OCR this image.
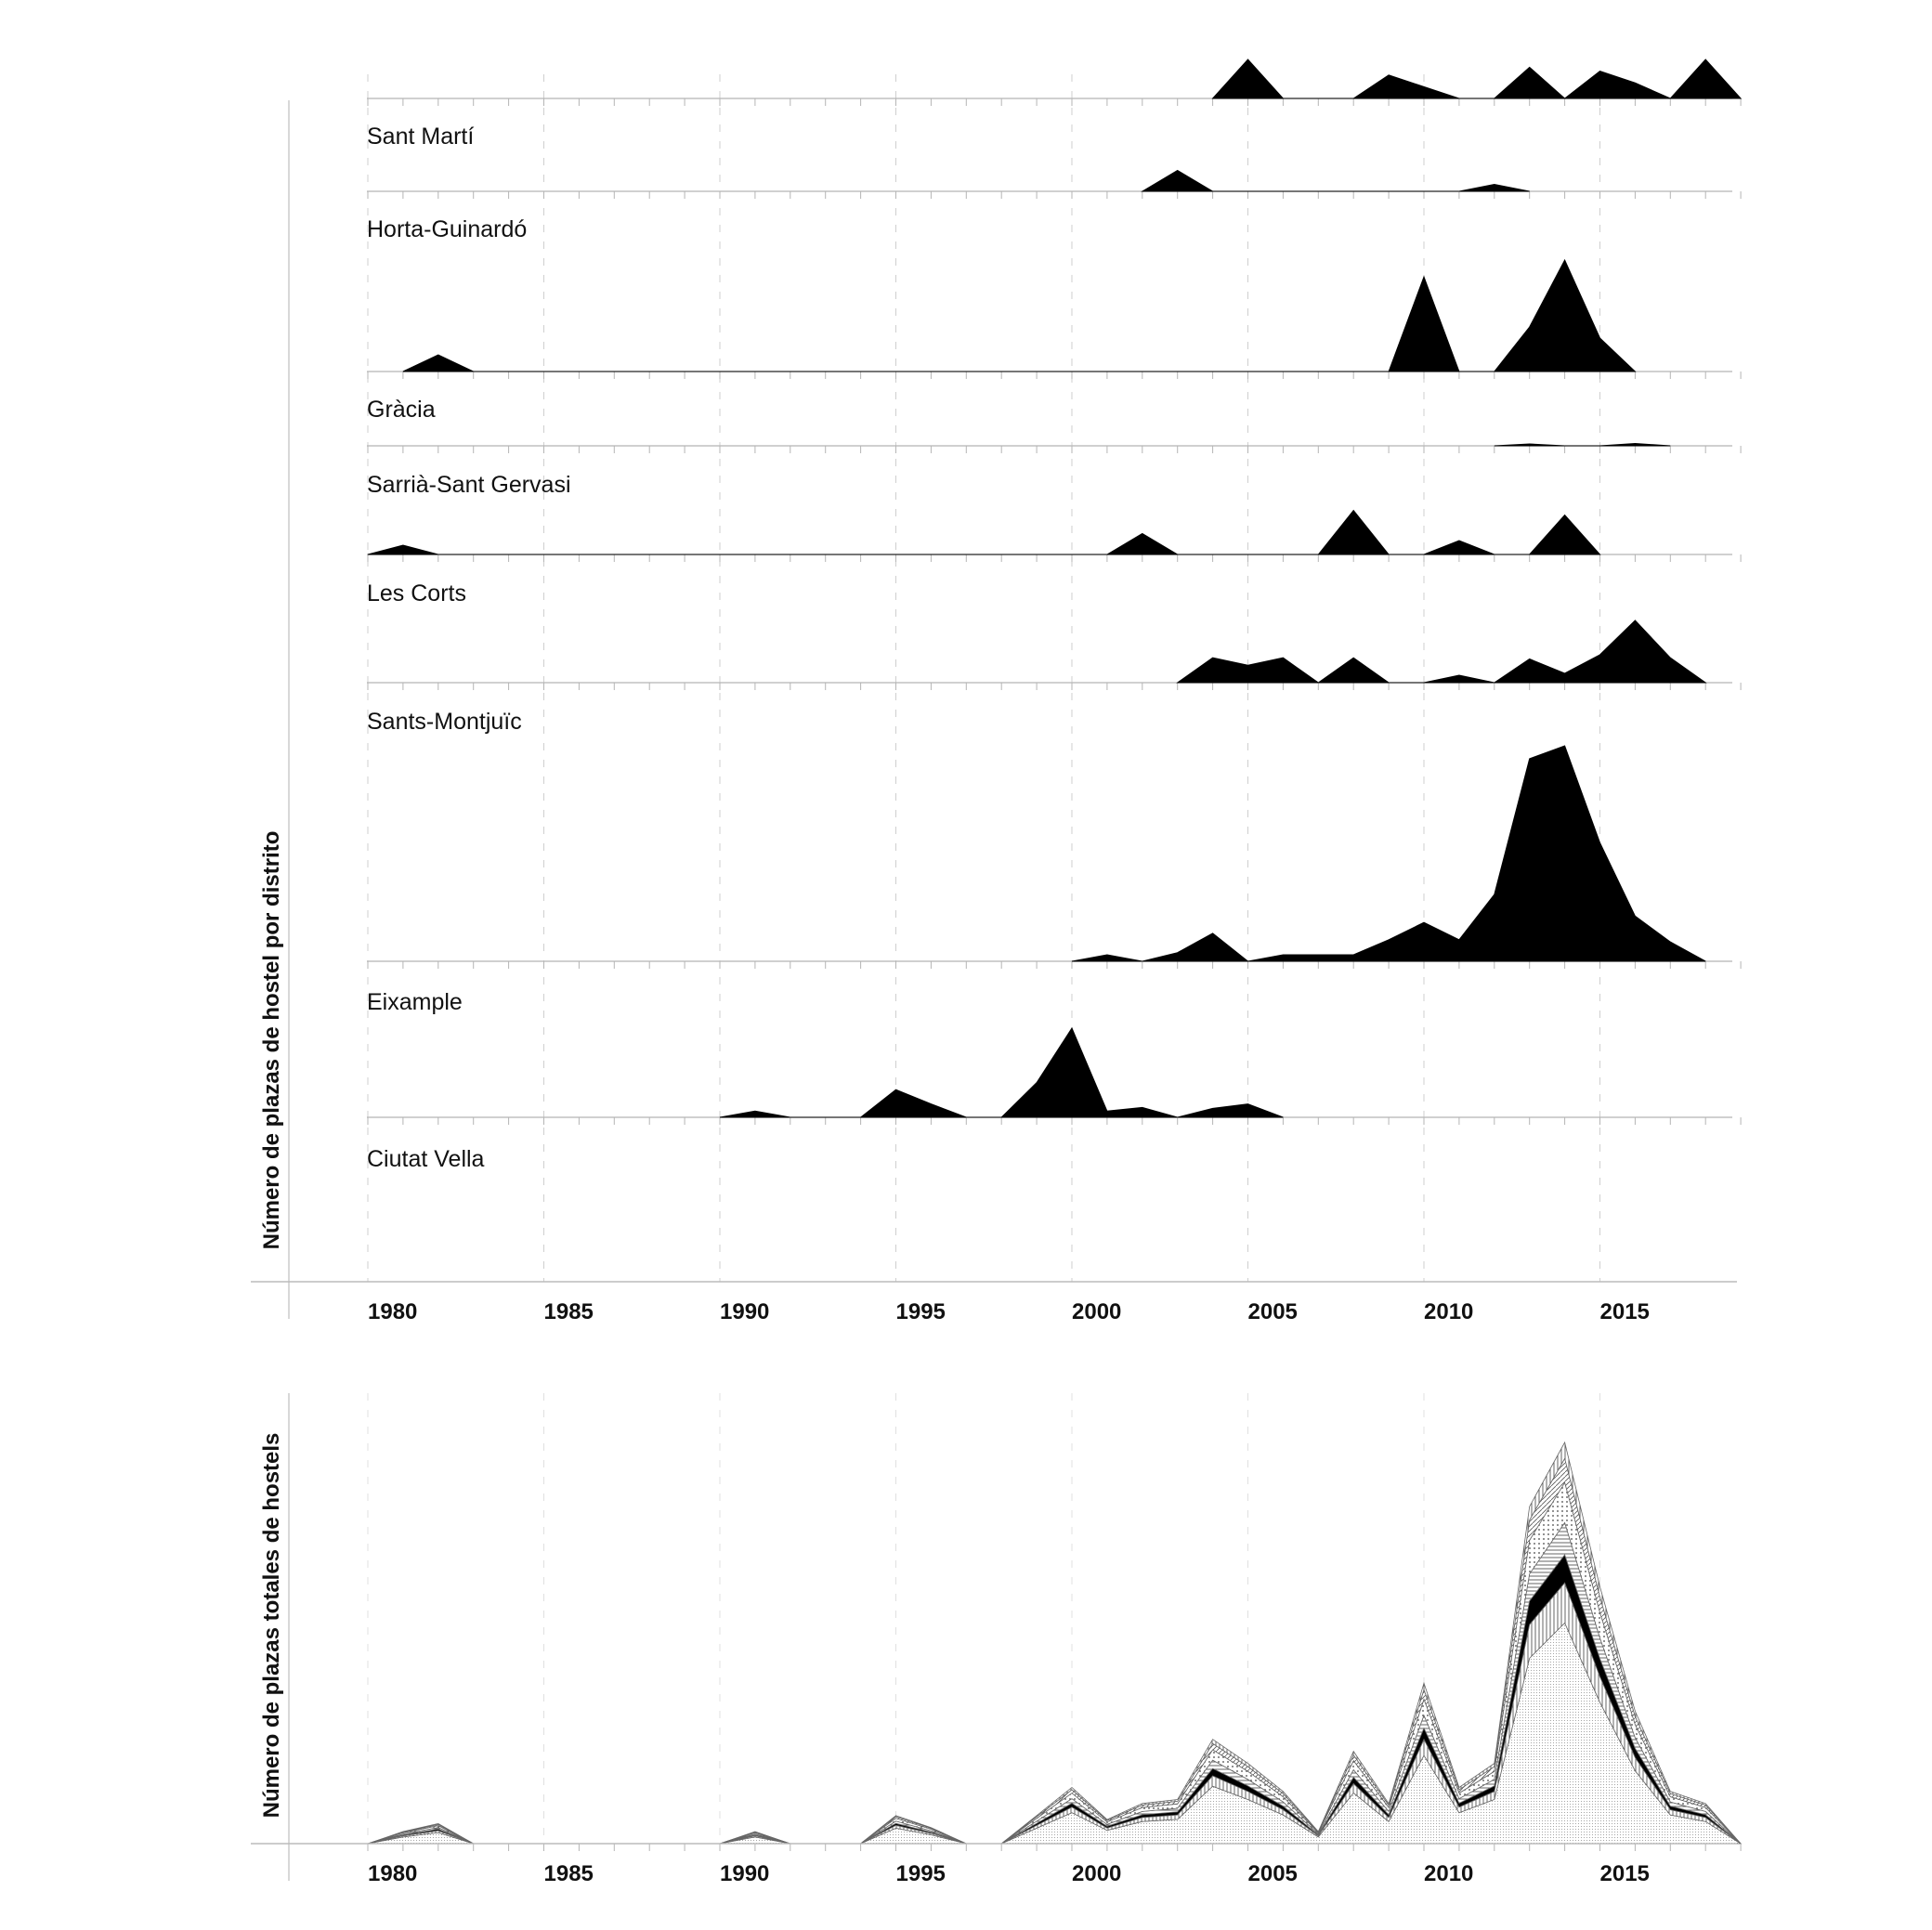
Sant Martí
Horta-Guinardó
Gràcia
Sarrià-Sant Gervasi
Les Corts
Sants-Montjuïc
Eixample
Ciutat Vella
1980	1985	1990	1995	2000	2005	2010	2015
Número de plazas de hostel por distrito
1980	1985	1990	1995	2000	2005	2010	2015
Número de plazas totales de hostels
